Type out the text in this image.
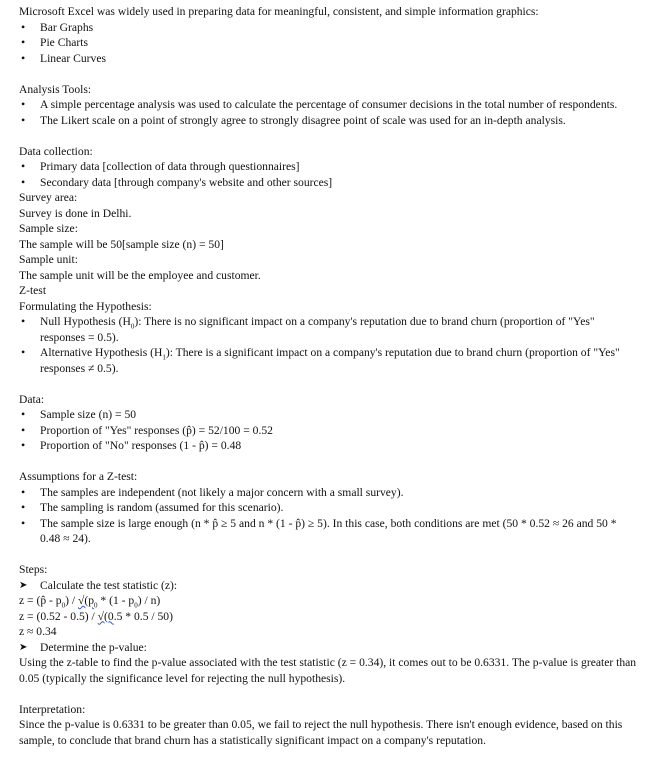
Microsoft Excel was widely used in preparing data for meaningful, consistent, and simple information graphics:

• Bar Graphs
• Pie Charts
• Linear Curves

Analysis Tools:

• A simple percentage analysis was used to calculate the percentage of consumer decisions in the total number of respondents.
• The Likert scale on a point of strongly agree to strongly disagree point of scale was used for an in-depth analysis.

Data collection:

• Primary data [collection of data through questionnaires]
• Secondary data [through company's website and other sources]

Survey area:

Survey is done in Delhi.

Sample size:

The sample will be 50[sample size (n) = 50]

Sample unit:

The sample unit will be the employee and customer.

Z-test

Formulating the Hypothesis:

• Null Hypothesis $(H_0)$: There is no significant impact on a company's reputation due to brand churn (proportion of "Yes" responses = 0.5).
• Alternative Hypothesis $(H_1)$: There is a significant impact on a company's reputation due to brand churn (proportion of "Yes" responses ≠ 0.5).

Data:

• Sample size (n) = 50
• Proportion of "Yes" responses (p̂) = 52/100 = 0.52
• Proportion of "No" responses (1 - p̂) = 0.48

Assumptions for a Z-test:

• The samples are independent (not likely a major concern with a small survey).
• The sampling is random (assumed for this scenario).
• The sample size is large enough (n * p̂ ≥ 5 and n * (1 - p̂) ≥ 5). In this case, both conditions are met (50 * 0.52 ≈ 26 and 50 * 0.48 ≈ 24).

Steps:

➤ Calculate the test statistic (z):

z = (p̂ - $p_0) / √(p_0 * (1 - p_0) / n)$

z = (0.52 - 0.5) / √(0.5 * 0.5 / 50)

z ≈ 0.34

➤ Determine the p-value:

Using the z-table to find the p-value associated with the test statistic (z = 0.34), it comes out to be 0.6331. The p-value is greater than 0.05 (typically the significance level for rejecting the null hypothesis).

Interpretation:

Since the p-value is 0.6331 to be greater than 0.05, we fail to reject the null hypothesis. There isn't enough evidence, based on this sample, to conclude that brand churn has a statistically significant impact on a company's reputation.
